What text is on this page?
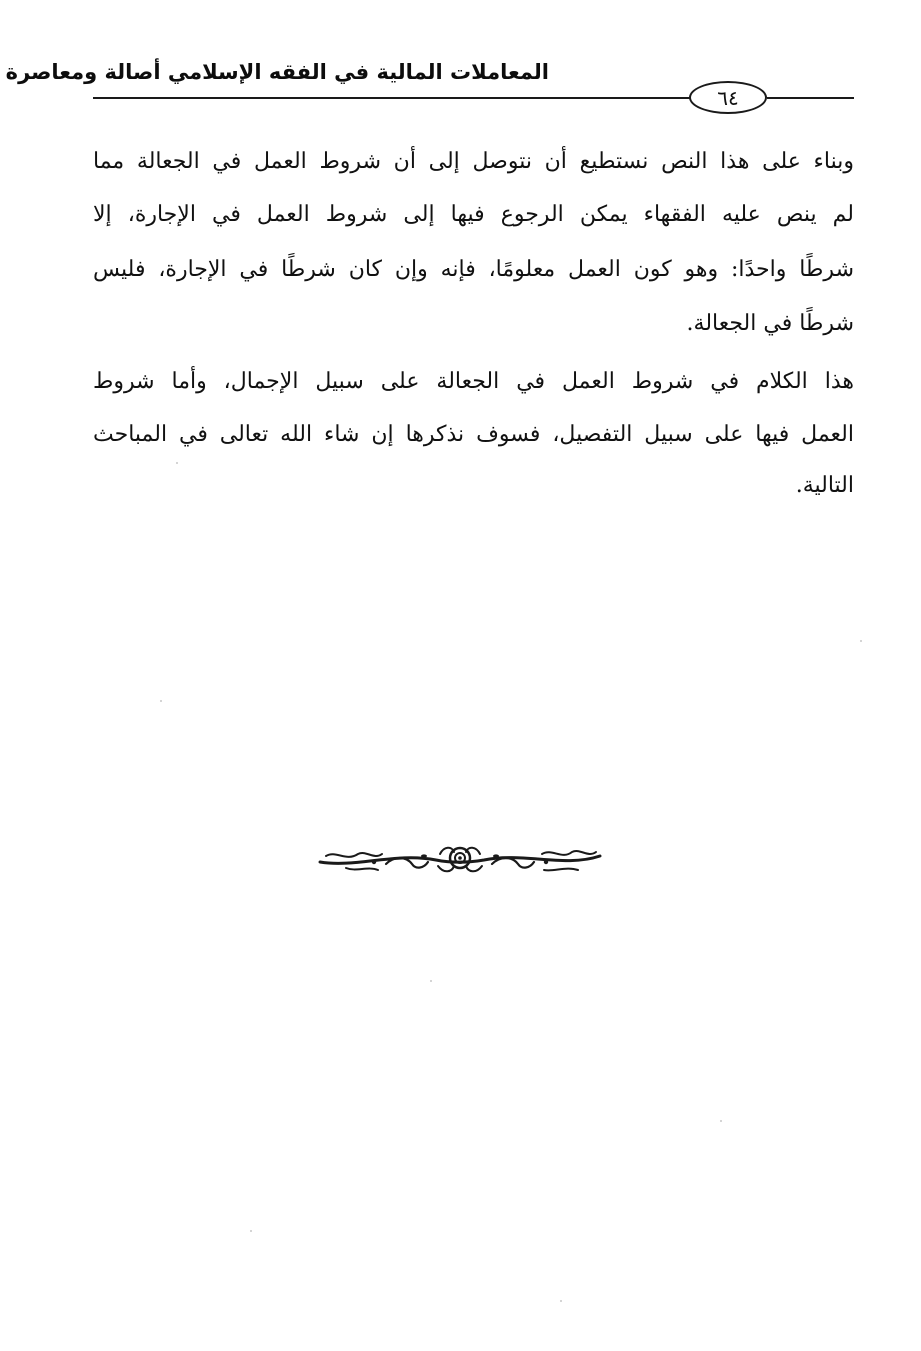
المعاملات المالية في الفقه الإسلامي أصالة ومعاصرة
٦٤
وبناء على هذا النص نستطيع أن نتوصل إلى أن شروط العمل في الجعالة مما
لم ينص عليه الفقهاء يمكن الرجوع فيها إلى شروط العمل في الإجارة، إلا
شرطًا واحدًا: وهو كون العمل معلومًا، فإنه وإن كان شرطًا في الإجارة، فليس
شرطًا في الجعالة.
هذا الكلام في شروط العمل في الجعالة على سبيل الإجمال، وأما شروط
العمل فيها على سبيل التفصيل، فسوف نذكرها إن شاء الله تعالى في المباحث
التالية.
